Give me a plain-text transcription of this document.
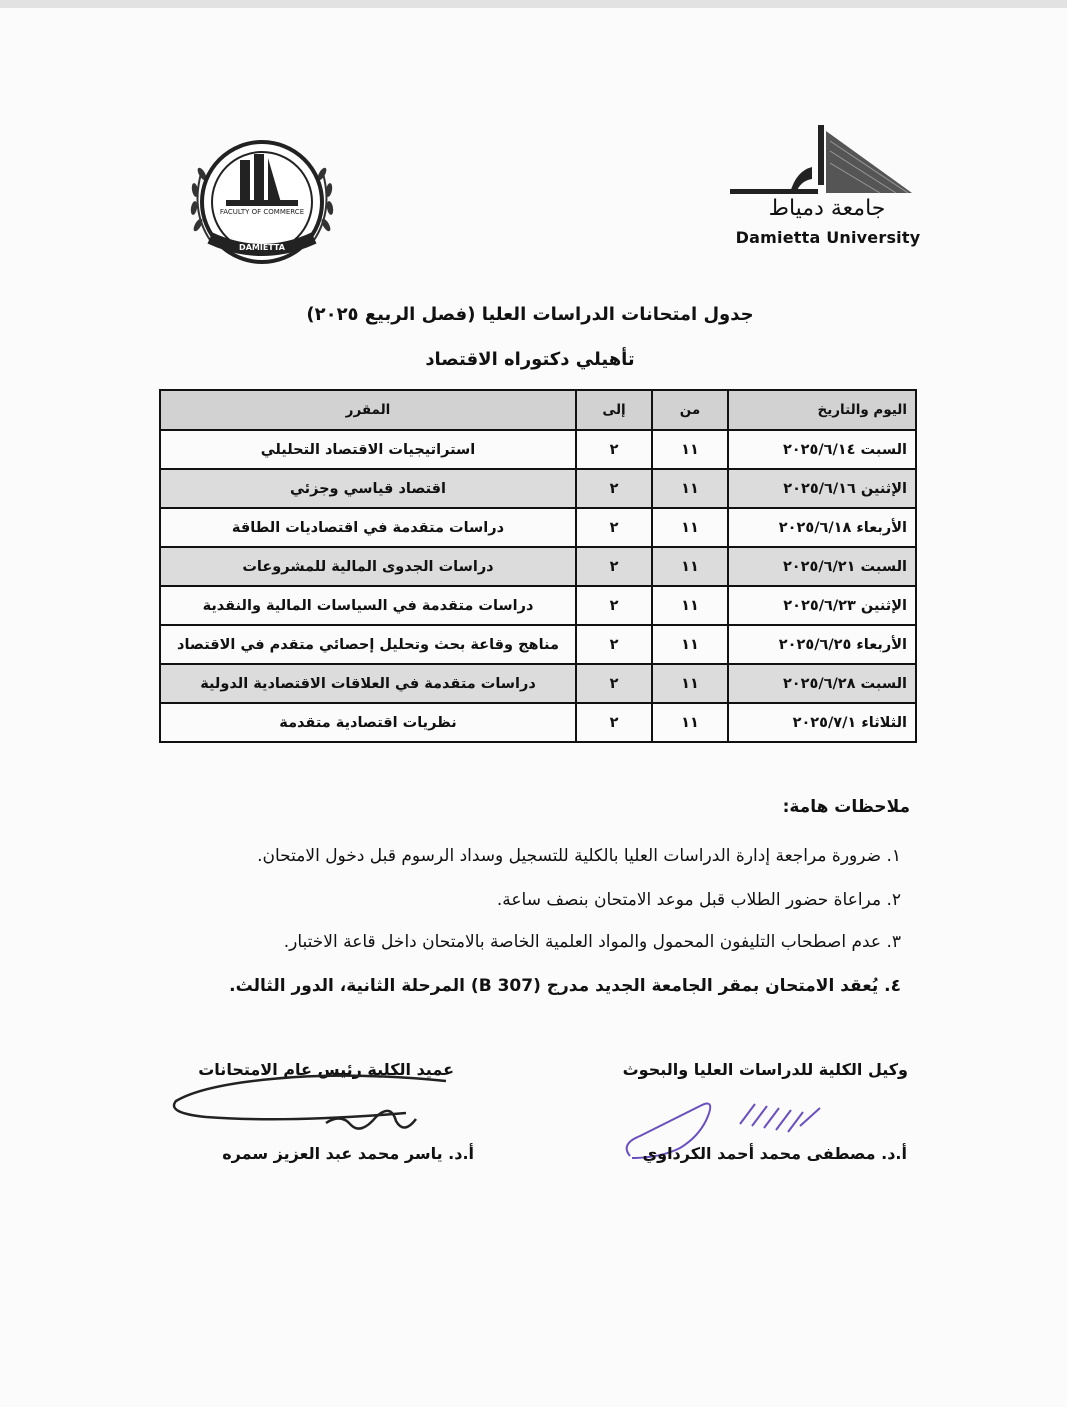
جامعة دمياط
Damietta University
FACULTY OF COMMERCE
DAMIETTA
جدول امتحانات الدراسات العليا (فصل الربيع ٢٠٢٥)
تأهيلي دكتوراه الاقتصاد
اليوم والتاريخ	من	إلى	المقرر
السبت ٢٠٢٥/٦/١٤	١١	٢	استراتيجيات الاقتصاد التحليلي
الإثنين ٢٠٢٥/٦/١٦	١١	٢	اقتصاد قياسي وجزئي
الأربعاء ٢٠٢٥/٦/١٨	١١	٢	دراسات متقدمة في اقتصاديات الطاقة
السبت ٢٠٢٥/٦/٢١	١١	٢	دراسات الجدوى المالية للمشروعات
الإثنين ٢٠٢٥/٦/٢٣	١١	٢	دراسات متقدمة في السياسات المالية والنقدية
الأربعاء ٢٠٢٥/٦/٢٥	١١	٢	مناهج وقاعة بحث وتحليل إحصائي متقدم في الاقتصاد
السبت ٢٠٢٥/٦/٢٨	١١	٢	دراسات متقدمة في العلاقات الاقتصادية الدولية
الثلاثاء ٢٠٢٥/٧/١	١١	٢	نظريات اقتصادية متقدمة
ملاحظات هامة:
١. ضرورة مراجعة إدارة الدراسات العليا بالكلية للتسجيل وسداد الرسوم قبل دخول الامتحان.
٢. مراعاة حضور الطلاب قبل موعد الامتحان بنصف ساعة.
٣. عدم اصطحاب التليفون المحمول والمواد العلمية الخاصة بالامتحان داخل قاعة الاختبار.
٤. يُعقد الامتحان بمقر الجامعة الجديد مدرج (307 B) المرحلة الثانية، الدور الثالث.
وكيل الكلية للدراسات العليا والبحوث
عميد الكلية رئيس عام الامتحانات
أ.د. مصطفى محمد أحمد الكرداوي
أ.د. ياسر محمد عبد العزيز سمره
